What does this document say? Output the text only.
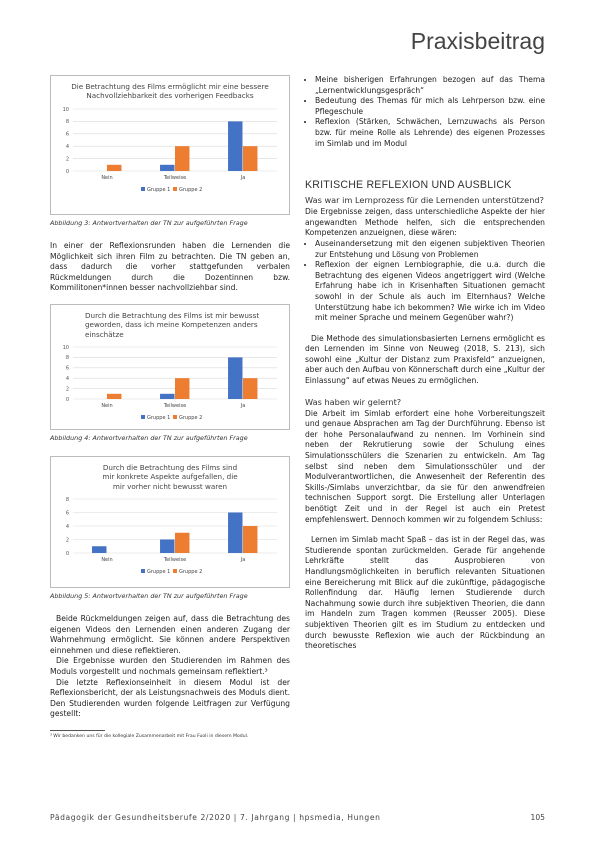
Praxisbeitrag
Die Betrachtung des Films ermöglicht mir eine bessere Nachvollziehbarkeit des vorherigen Feedbacks
10
8
6
4
2
0
Nein	Teilweise	Ja
Gruppe 1 Gruppe 2
Abbildung 3: Antwortverhalten der TN zur aufgeführten Frage

In einer der Reflexionsrunden haben die Lernenden die Möglichkeit sich ihren Film zu betrachten. Die TN geben an, dass dadurch die vorher stattgefunden verbalen Rückmeldungen durch die Dozentinnen bzw. Kommilitonen*innen besser nachvollziehbar sind.

Durch die Betrachtung des Films ist mir bewusst geworden, dass ich meine Kompetenzen anders einschätze
10
8
6
4
2
0
Nein	Teilweise	Ja
Gruppe 1 Gruppe 2
Abbildung 4: Antwortverhalten der TN zur aufgeführten Frage
Durch die Betrachtung des Films sind mir konkrete Aspekte aufgefallen, die mir vorher nicht bewusst waren
8
6
4
2
0
Nein	Teilweise	Ja
Gruppe 1 Gruppe 2
Abbildung 5: Antwortverhalten der TN zur aufgeführten Frage

Beide Rückmeldungen zeigen auf, dass die Betrachtung des eigenen Videos den Lernenden einen anderen Zugang der Wahrnehmung ermöglicht. Sie können andere Perspektiven einnehmen und diese reflektieren.

Die Ergebnisse wurden den Studierenden im Rahmen des Moduls vorgestellt und nochmals gemeinsam reflektiert.³

Die letzte Reflexionseinheit in diesem Modul ist der Reflexionsbericht, der als Leistungsnachweis des Moduls dient. Den Studierenden wurden folgende Leitfragen zur Verfügung gestellt:

³ Wir bedanken uns für die kollegiale Zusammenarbeit mit Frau Fuoli in diesem Modul.
• Meine bisherigen Erfahrungen bezogen auf das Thema „Lernentwicklungsgespräch“
• Bedeutung des Themas für mich als Lehrperson bzw. eine Pflegeschule
• Reflexion (Stärken, Schwächen, Lernzuwachs als Person bzw. für meine Rolle als Lehrende) des eigenen Prozesses im Simlab und im Modul
KRITISCHE REFLEXION UND AUSBLICK
Was war im Lernprozess für die Lernenden unterstützend?

Die Ergebnisse zeigen, dass unterschiedliche Aspekte der hier angewandten Methode helfen, sich die entsprechenden Kompetenzen anzueignen, diese wären:

• Auseinandersetzung mit den eigenen subjektiven Theorien zur Entstehung und Lösung von Problemen
• Reflexion der eignen Lernbiographie, die u.a. durch die Betrachtung des eigenen Videos angetriggert wird (Welche Erfahrung habe ich in Krisenhaften Situationen gemacht sowohl in der Schule als auch im Elternhaus? Welche Unterstützung habe ich bekommen? Wie wirke ich im Video mit meiner Sprache und meinem Gegenüber wahr?)

Die Methode des simulationsbasierten Lernens ermöglicht es den Lernenden im Sinne von Neuweg (2018, S. 213), sich sowohl eine „Kultur der Distanz zum Praxisfeld“ anzueignen, aber auch den Aufbau von Könnerschaft durch eine „Kultur der Einlassung“ auf etwas Neues zu ermöglichen.

Was haben wir gelernt?

Die Arbeit im Simlab erfordert eine hohe Vorbereitungszeit und genaue Absprachen am Tag der Durchführung. Ebenso ist der hohe Personalaufwand zu nennen. Im Vorhinein sind neben der Rekrutierung sowie der Schulung eines Simulationsschülers die Szenarien zu entwickeln. Am Tag selbst sind neben dem Simulationsschüler und der Modulverantwortlichen, die Anwesenheit der Referentin des Skills-/Simlabs unverzichtbar, da sie für den anwendfreien technischen Support sorgt. Die Erstellung aller Unterlagen benötigt Zeit und in der Regel ist auch ein Pretest empfehlenswert. Dennoch kommen wir zu folgendem Schluss:

Lernen im Simlab macht Spaß – das ist in der Regel das, was Studierende spontan zurückmelden. Gerade für angehende Lehrkräfte stellt das Ausprobieren von Handlungsmöglichkeiten in beruflich relevanten Situationen eine Bereicherung mit Blick auf die zukünftige, pädagogische Rollenfindung dar. Häufig lernen Studierende durch Nachahmung sowie durch ihre subjektiven Theorien, die dann im Handeln zum Tragen kommen (Reusser 2005). Diese subjektiven Theorien gilt es im Studium zu entdecken und durch bewusste Reflexion wie auch der Rückbindung an theoretisches

Pädagogik der Gesundheitsberufe 2/2020 | 7. Jahrgang | hpsmedia, Hungen	105
